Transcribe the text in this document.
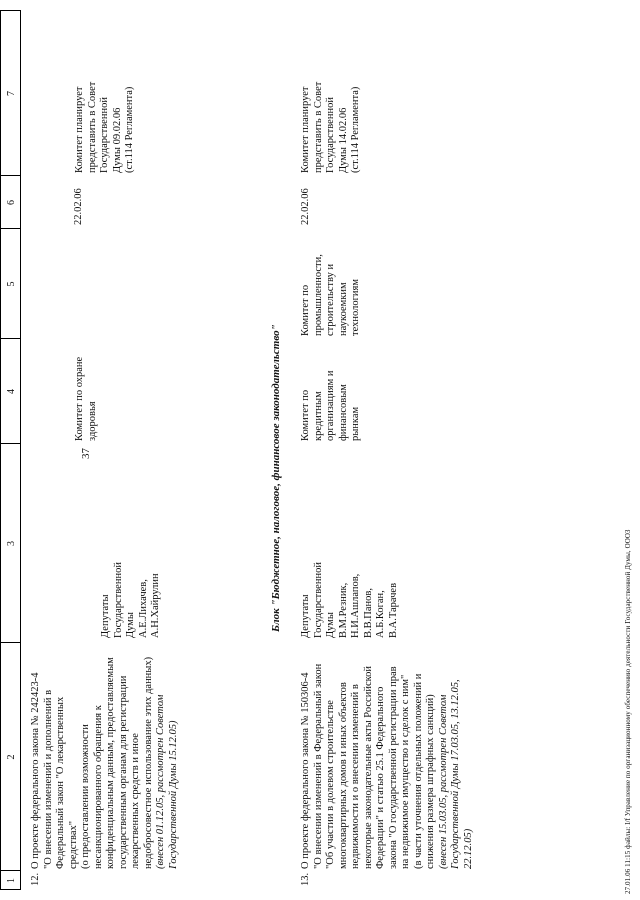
37
1
2
3
4
5
6
7
12.
О проекте федерального закона № 242423-4 "О внесении изменений и дополнений в Федеральный закон "О лекарственных средствах" (о предоставлении возможности несанкционированного обращения к конфиденциальным данным, предоставляемым государственным органам для регистрации лекарственных средств и иное недобросовестное использование этих данных) (внесен 01.12.05, рассмотрен Советом Государственной Думы 15.12.05)
Депутаты Государственной Думы А.Е.Лихачев, А.Н.Хайрулин
Комитет по охране здоровья
22.02.06
Комитет планирует представить в Совет Государственной Думы 09.02.06 (ст.114 Регламента)
Блок "Бюджетное, налоговое, финансовое законодательство"
13.
О проекте федерального закона № 150306-4 "О внесении изменений в Федеральный закон "Об участии в долевом строительстве многоквартирных домов и иных объектов недвижимости и о внесении изменений в некоторые законодательные акты Российской Федерации" и статью 25.1 Федерального закона "О государственной регистрации прав на недвижимое имущество и сделок с ним" (в части уточнения отдельных положений и снижения размера штрафных санкций) (внесен 15.03.05, рассмотрен Советом Государственной Думы 17.03.05, 13.12.05, 22.12.05)
Депутаты Государственной Думы В.М.Резник, Н.И.Ашлапов, В.В.Панов, А.Б.Коган, В.А.Тарачев
Комитет по кредитным организациям и финансовым рынкам
Комитет по промышленности, строительству и наукоемким технологиям
22.02.06
Комитет планирует представить в Совет Государственной Думы 14.02.06 (ст.114 Регламента)
27.01.06 11:15 файлы: I/f Управление по организационному обеспечению деятельности Государственной Думы, ОООЗ
